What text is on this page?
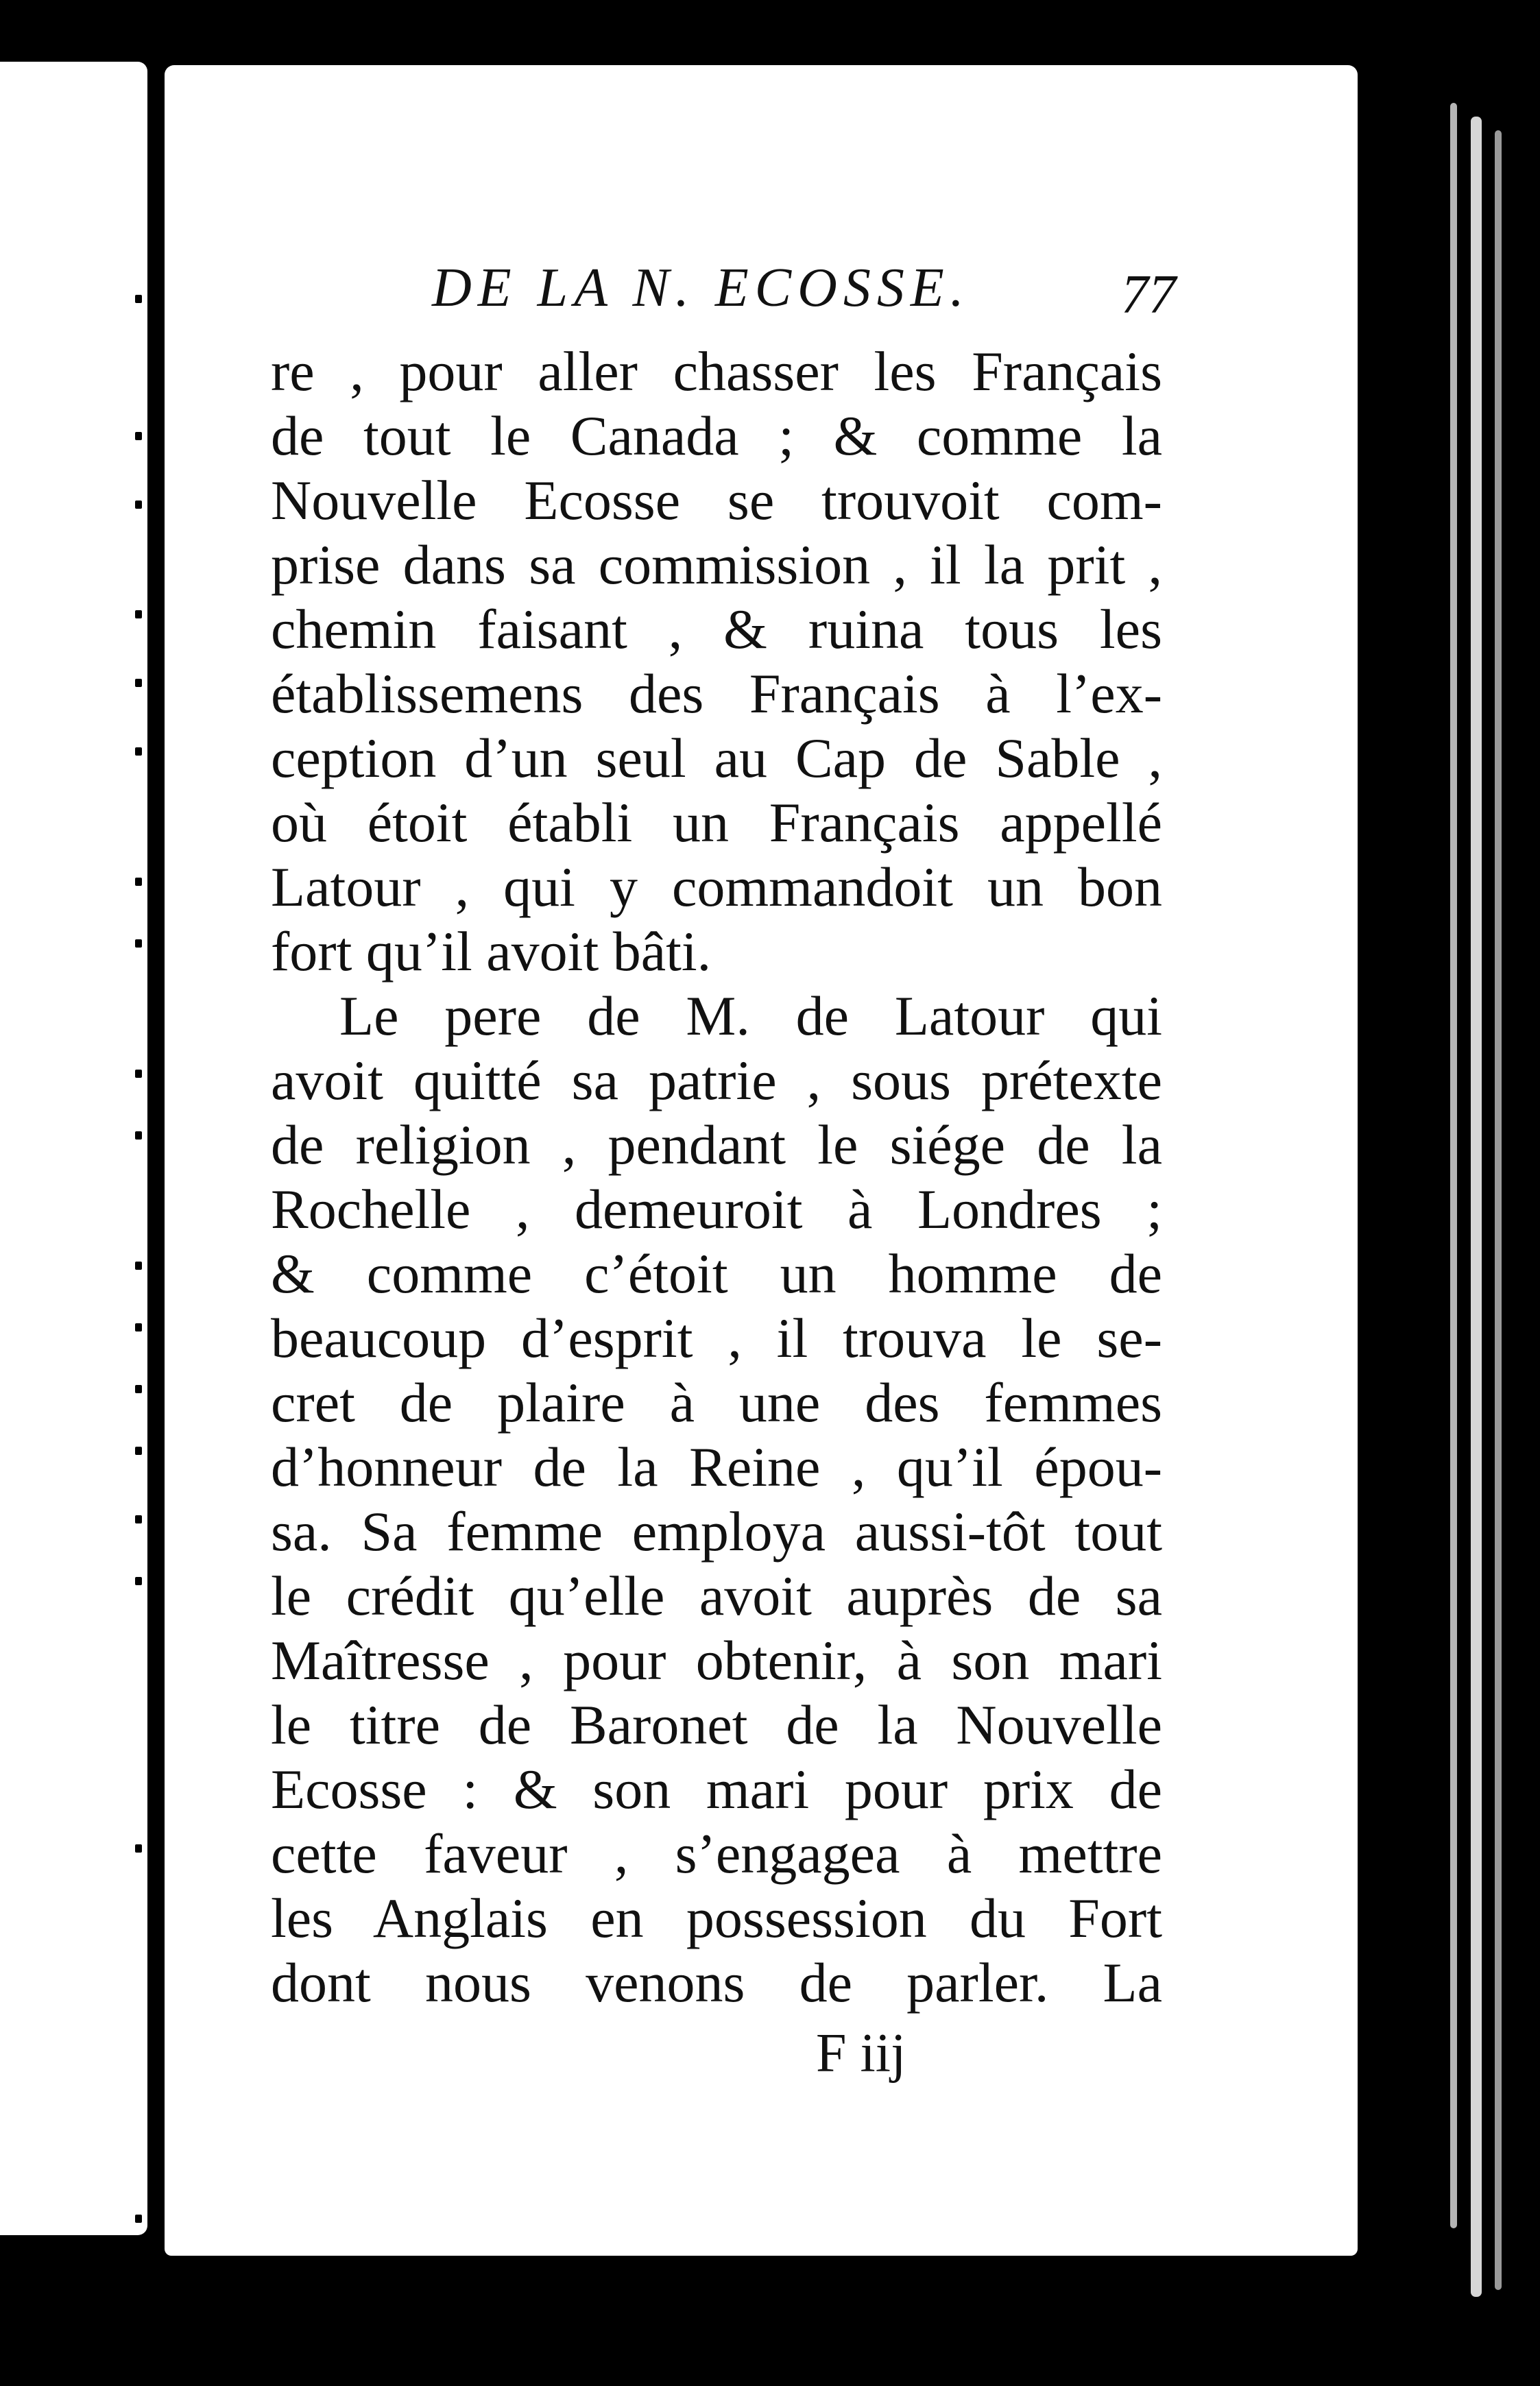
DE LA N. ECOSSE.	77
re , pour aller chasser les Français
de tout le Canada ; & comme la
Nouvelle Ecosse se trouvoit com-
prise dans sa commission , il la prit ,
chemin faisant , & ruina tous les
établissemens des Français à l’ex-
ception d’un seul au Cap de Sable ,
où étoit établi un Français appellé
Latour , qui y commandoit un bon
fort qu’il avoit bâti.
Le pere de M. de Latour qui
avoit quitté sa patrie , sous prétexte
de religion , pendant le siége de la
Rochelle , demeuroit à Londres ;
& comme c’étoit un homme de
beaucoup d’esprit , il trouva le se-
cret de plaire à une des femmes
d’honneur de la Reine , qu’il épou-
sa. Sa femme employa aussi-tôt tout
le crédit qu’elle avoit auprès de sa
Maîtresse , pour obtenir, à son mari
le titre de Baronet de la Nouvelle
Ecosse : & son mari pour prix de
cette faveur , s’engagea à mettre
les Anglais en possession du Fort
dont nous venons de parler. La
F iij
